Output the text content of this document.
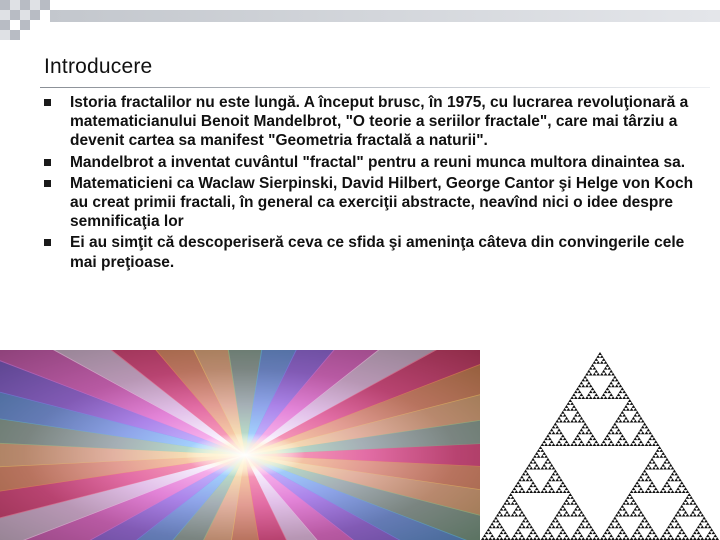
Introducere
Istoria fractalilor nu este lungă. A început brusc, în 1975, cu lucrarea revoluţionară a matematicianului Benoit Mandelbrot, "O teorie a seriilor fractale", care mai târziu a devenit cartea sa manifest "Geometria fractală a naturii".
Mandelbrot a inventat cuvântul "fractal" pentru a reuni munca multora dinaintea sa.
Matematicieni ca Waclaw Sierpinski, David Hilbert, George Cantor şi Helge von Koch au creat primii fractali, în general ca exerciţii abstracte, neavînd nici o idee despre semnificaţia lor
Ei au simţit că descoperiseră ceva ce sfida şi ameninţa câteva din convingerile cele mai preţioase.
